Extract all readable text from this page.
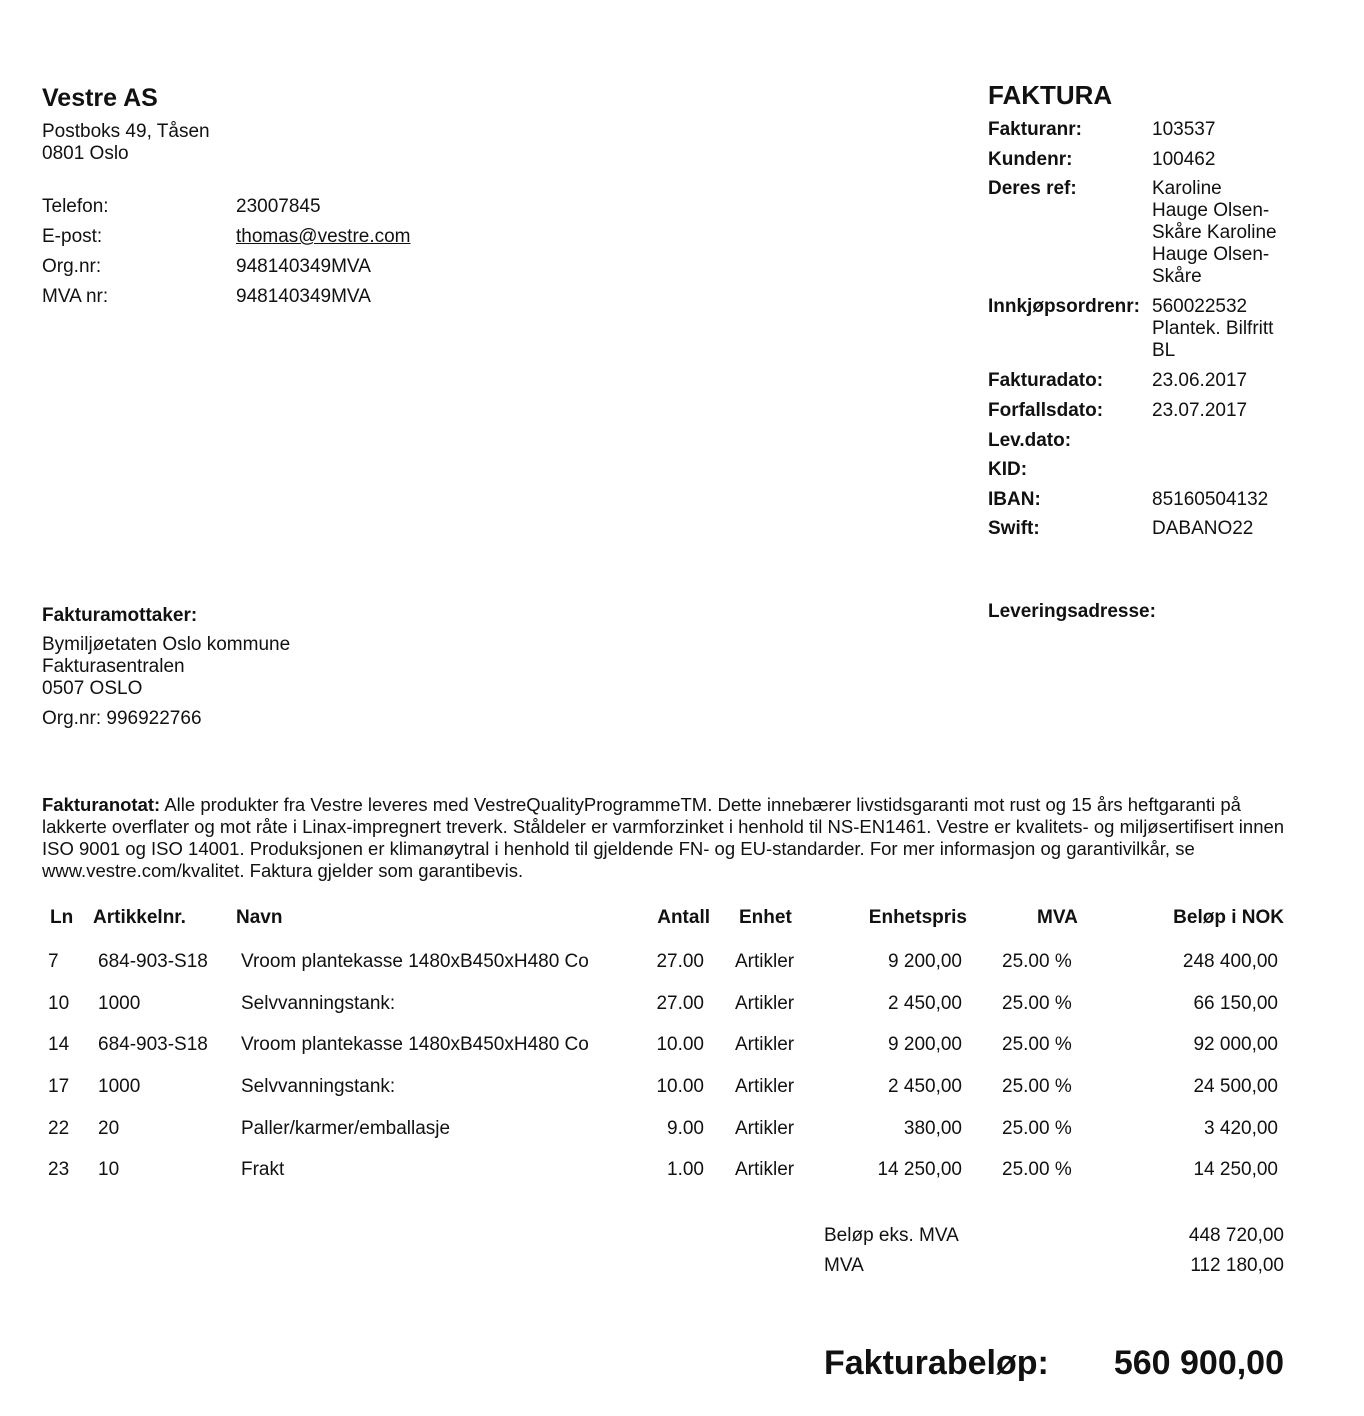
Vestre AS
Postboks 49, Tåsen
0801 Oslo
Telefon:	23007845
E-post:	thomas@vestre.com
Org.nr:	948140349MVA
MVA nr:	948140349MVA
FAKTURA
Fakturanr:	103537
Kundenr:	100462
Deres ref:	Karoline
Hauge Olsen-
Skåre Karoline
Hauge Olsen-
Skåre
Innkjøpsordrenr: 560022532
Plantek. Bilfritt
BL
Fakturadato:	23.06.2017
Forfallsdato:	23.07.2017
Lev.dato:
KID:
IBAN:	85160504132
Swift:	DABANO22
Fakturamottaker:
Bymiljøetaten Oslo kommune
Fakturasentralen
0507 OSLO
Org.nr: 996922766
Leveringsadresse:
Fakturanotat: Alle produkter fra Vestre leveres med VestreQualityProgrammeTM. Dette innebærer livstidsgaranti mot rust og 15 års heftgaranti på lakkerte overflater og mot råte i Linax-impregnert treverk. Ståldeler er varmforzinket i henhold til NS-EN1461. Vestre er kvalitets- og miljøsertifisert innen ISO 9001 og ISO 14001. Produksjonen er klimanøytral i henhold til gjeldende FN- og EU-standarder. For mer informasjon og garantivilkår, se www.vestre.com/kvalitet. Faktura gjelder som garantibevis.
Ln Artikkelnr.	Navn	Antall Enhet	Enhetspris	MVA	Beløp i NOK
7 684-903-S18 Vroom plantekasse 1480xB450xH480 Co	27.00 Artikler	9 200,00 25.00 %	248 400,00
10 1000	Selvvanningstank:	27.00 Artikler	2 450,00 25.00 %	66 150,00
14 684-903-S18 Vroom plantekasse 1480xB450xH480 Co	10.00 Artikler	9 200,00 25.00 %	92 000,00
17 1000	Selvvanningstank:	10.00 Artikler	2 450,00 25.00 %	24 500,00
22 20	Paller/karmer/emballasje	9.00 Artikler	380,00 25.00 %	3 420,00
23 10	Frakt	1.00 Artikler	14 250,00 25.00 %	14 250,00
Beløp eks. MVA	448 720,00
MVA	112 180,00
Fakturabeløp:	560 900,00
